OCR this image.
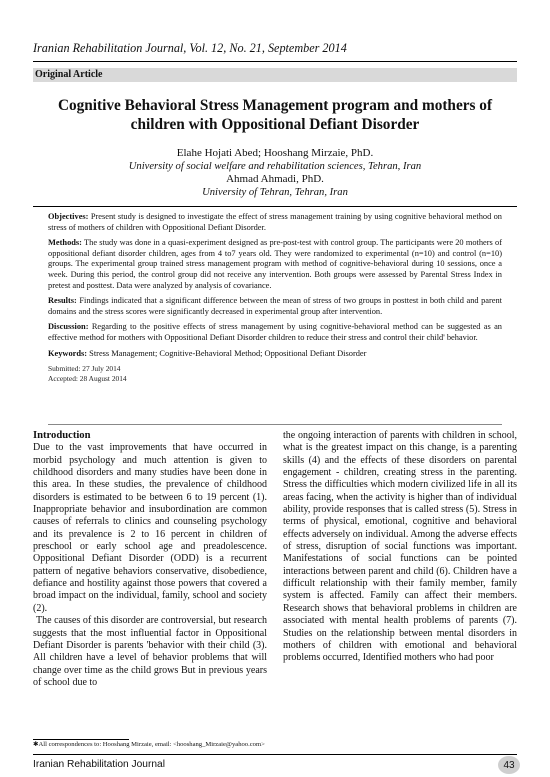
Iranian Rehabilitation Journal, Vol. 12, No. 21, September 2014
Original Article
Cognitive Behavioral Stress Management program and mothers of children with Oppositional Defiant Disorder
Elahe Hojati Abed; Hooshang Mirzaie, PhD.
University of social welfare and rehabilitation sciences, Tehran, Iran
Ahmad Ahmadi, PhD.
University of Tehran, Tehran, Iran

Objectives: Present study is designed to investigate the effect of stress management training by using cognitive behavioral method on stress of mothers of children with Oppositional Defiant Disorder.

Methods: The study was done in a quasi-experiment designed as pre-post-test with control group. The participants were 20 mothers of oppositional defiant disorder children, ages from 4 to7 years old. They were randomized to experimental (n=10) and control (n=10) groups. The experimental group trained stress management program with method of cognitive-behavioral during 10 sessions, once a week. During this period, the control group did not receive any intervention. Both groups were assessed by Parental Stress Index in pretest and posttest. Data were analyzed by analysis of covariance.

Results: Findings indicated that a significant difference between the mean of stress of two groups in posttest in both child and parent domains and the stress scores were significantly decreased in experimental group after intervention.

Discussion: Regarding to the positive effects of stress management by using cognitive-behavioral method can be suggested as an effective method for mothers with Oppositional Defiant Disorder children to reduce their stress and control their child' behavior.

Keywords: Stress Management; Cognitive-Behavioral Method; Oppositional Defiant Disorder

Submitted: 27 July 2014
Accepted: 28 August 2014
Introduction

Due to the vast improvements that have occurred in morbid psychology and much attention is given to childhood disorders and many studies have been done in this area. In these studies, the prevalence of childhood disorders is estimated to be between 6 to 19 percent (1). Inappropriate behavior and insubordination are common causes of referrals to clinics and counseling psychology and its prevalence is 2 to 16 percent in children of preschool or early school age and preadolescence. Oppositional Defiant Disorder (ODD) is a recurrent pattern of negative behaviors conservative, disobedience, defiance and hostility against those powers that covered a broad impact on the individual, family, school and society (2).

The causes of this disorder are controversial, but research suggests that the most influential factor in Oppositional Defiant Disorder is parents 'behavior with their child (3). All children have a level of behavior problems that will change over time as the child grows But in previous years of school due to

the ongoing interaction of parents with children in school, what is the greatest impact on this change, is a parenting skills (4) and the effects of these disorders on parental engagement - children, creating stress in the parenting. Stress the difficulties which modern civilized life in all its areas facing, when the activity is higher than of individual ability, provide responses that is called stress (5). Stress in terms of physical, emotional, cognitive and behavioral effects adversely on individual. Among the adverse effects of stress, disruption of social functions was important. Manifestations of social functions can be pointed interactions between parent and child (6). Children have a difficult relationship with their family member, family system is affected. Family can affect their members. Research shows that behavioral problems in children are associated with mental health problems of parents (7). Studies on the relationship between mental disorders in mothers of children with emotional and behavioral problems occurred, Identified mothers who had poor

✱All correspondences to: Hooshang Mirzaie, email: <hooshang_Mirzaie@yahoo.com>
Iranian Rehabilitation Journal	43
